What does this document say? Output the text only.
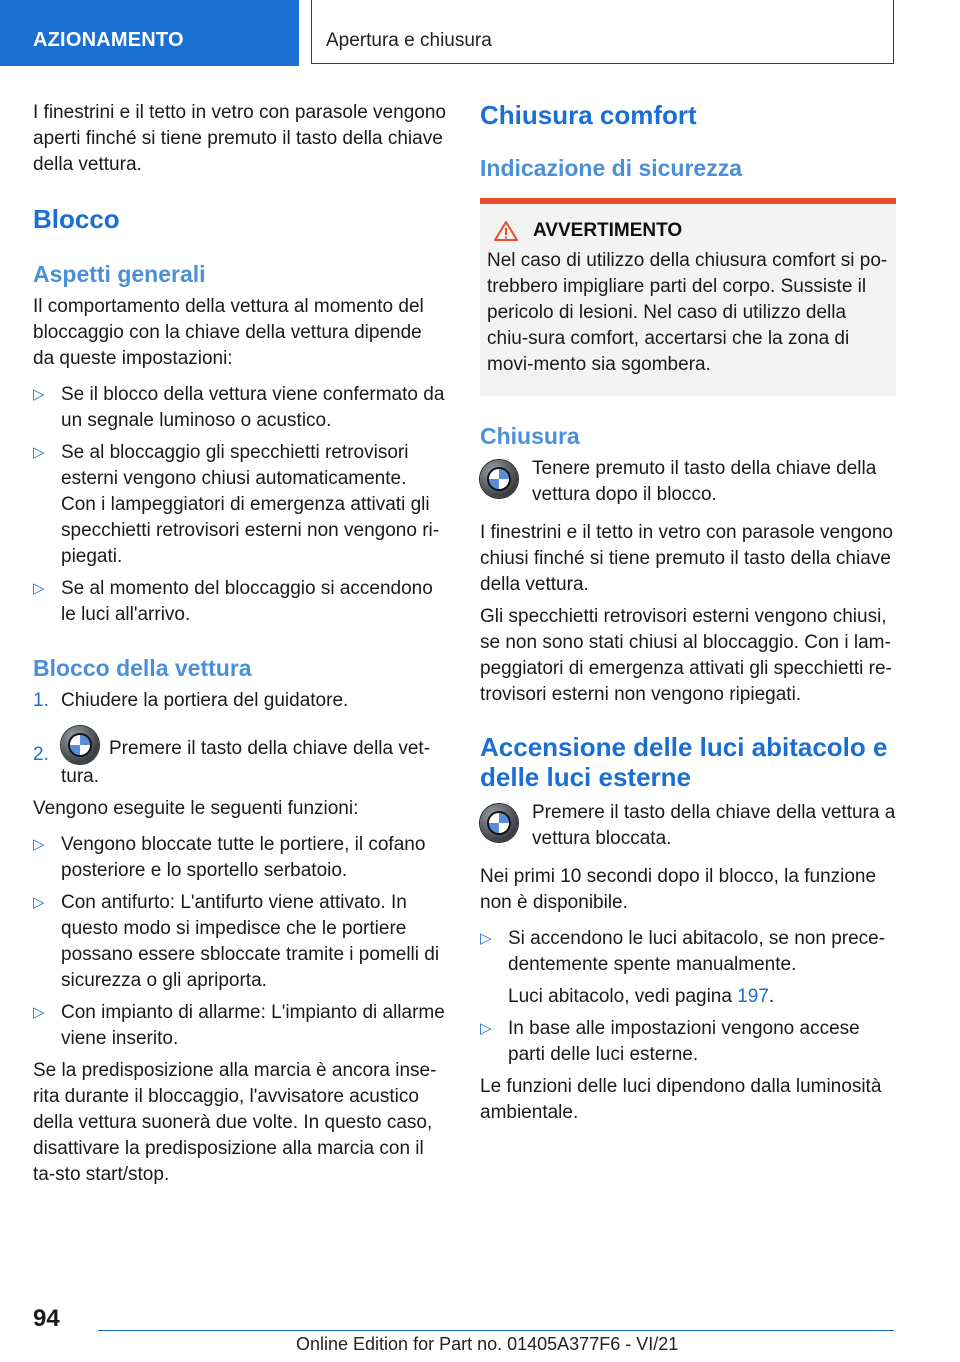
AZIONAMENTO	Apertura e chiusura

I finestrini e il tetto in vetro con parasole vengono aperti finché si tiene premuto il tasto della chiave della vettura.

Blocco
Aspetti generali

Il comportamento della vettura al momento del bloccaggio con la chiave della vettura dipende da queste impostazioni:

▷ Se il blocco della vettura viene confermato da un segnale luminoso o acustico.
▷ Se al bloccaggio gli specchietti retrovisori esterni vengono chiusi automaticamente.
Con i lampeggiatori di emergenza attivati gli specchietti retrovisori esterni non vengono ri-piegati.
▷ Se al momento del bloccaggio si accendono le luci all'arrivo.
Blocco della vettura
1. Chiudere la portiera del guidatore.
2.	Premere il tasto della chiave della vet-tura.

Vengono eseguite le seguenti funzioni:

▷ Vengono bloccate tutte le portiere, il cofano posteriore e lo sportello serbatoio.
▷ Con antifurto: L'antifurto viene attivato. In questo modo si impedisce che le portiere possano essere sbloccate tramite i pomelli di sicurezza o gli apriporta.
▷ Con impianto di allarme: L'impianto di allarme viene inserito.

Se la predisposizione alla marcia è ancora inse-rita durante il bloccaggio, l'avvisatore acustico della vettura suonerà due volte. In questo caso, disattivare la predisposizione alla marcia con il ta-sto start/stop.

Chiusura comfort
Indicazione di sicurezza
AVVERTIMENTO

Nel caso di utilizzo della chiusura comfort si po-trebbero impigliare parti del corpo. Sussiste il pericolo di lesioni. Nel caso di utilizzo della chiu-sura comfort, accertarsi che la zona di movi-mento sia sgombera.

Chiusura
Tenere premuto il tasto della chiave della vettura dopo il blocco.

I finestrini e il tetto in vetro con parasole vengono chiusi finché si tiene premuto il tasto della chiave della vettura.

Gli specchietti retrovisori esterni vengono chiusi, se non sono stati chiusi al bloccaggio. Con i lam-peggiatori di emergenza attivati gli specchietti re-trovisori esterni non vengono ripiegati.

Accensione delle luci abitacolo e delle luci esterne
Premere il tasto della chiave della vettura a vettura bloccata.

Nei primi 10 secondi dopo il blocco, la funzione non è disponibile.

▷ Si accendono le luci abitacolo, se non prece-dentemente spente manualmente.

Luci abitacolo, vedi pagina 197.

▷ In base alle impostazioni vengono accese parti delle luci esterne.

Le funzioni delle luci dipendono dalla luminosità ambientale.

94
Online Edition for Part no. 01405A377F6 - VI/21
